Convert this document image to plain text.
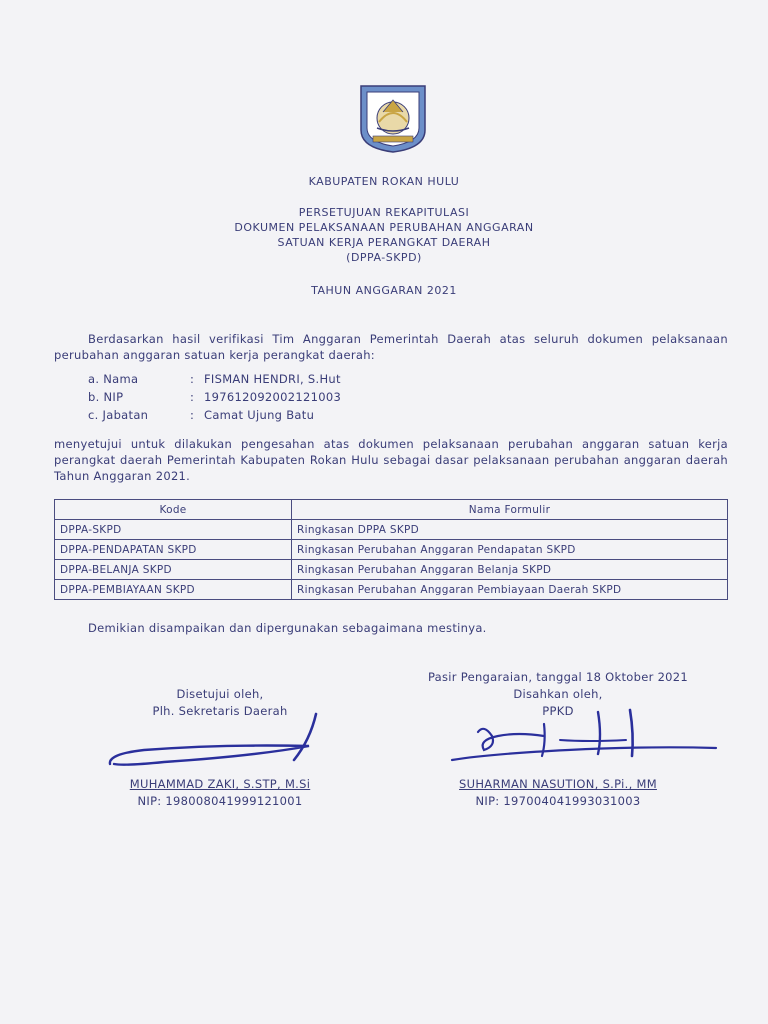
KABUPATEN ROKAN HULU
PERSETUJUAN REKAPITULASI
DOKUMEN PELAKSANAAN PERUBAHAN ANGGARAN
SATUAN KERJA PERANGKAT DAERAH
(DPPA-SKPD)
TAHUN ANGGARAN 2021
Berdasarkan hasil verifikasi Tim Anggaran Pemerintah Daerah atas seluruh dokumen pelaksanaan perubahan anggaran satuan kerja perangkat daerah:
a. Nama	: FISMAN HENDRI, S.Hut
b. NIP	: 197612092002121003
c. Jabatan	: Camat Ujung Batu
menyetujui untuk dilakukan pengesahan atas dokumen pelaksanaan perubahan anggaran satuan kerja perangkat daerah Pemerintah Kabupaten Rokan Hulu sebagai dasar pelaksanaan perubahan anggaran daerah Tahun Anggaran 2021.
Kode	Nama Formulir
DPPA-SKPD	Ringkasan DPPA SKPD
DPPA-PENDAPATAN SKPD	Ringkasan Perubahan Anggaran Pendapatan SKPD
DPPA-BELANJA SKPD	Ringkasan Perubahan Anggaran Belanja SKPD
DPPA-PEMBIAYAAN SKPD	Ringkasan Perubahan Anggaran Pembiayaan Daerah SKPD
Demikian disampaikan dan dipergunakan sebagaimana mestinya.
Disetujui oleh,
Plh. Sekretaris Daerah
MUHAMMAD ZAKI, S.STP, M.Si
NIP: 198008041999121001
Pasir Pengaraian, tanggal 18 Oktober 2021
Disahkan oleh,
PPKD
SUHARMAN NASUTION, S.Pi., MM
NIP: 197004041993031003
